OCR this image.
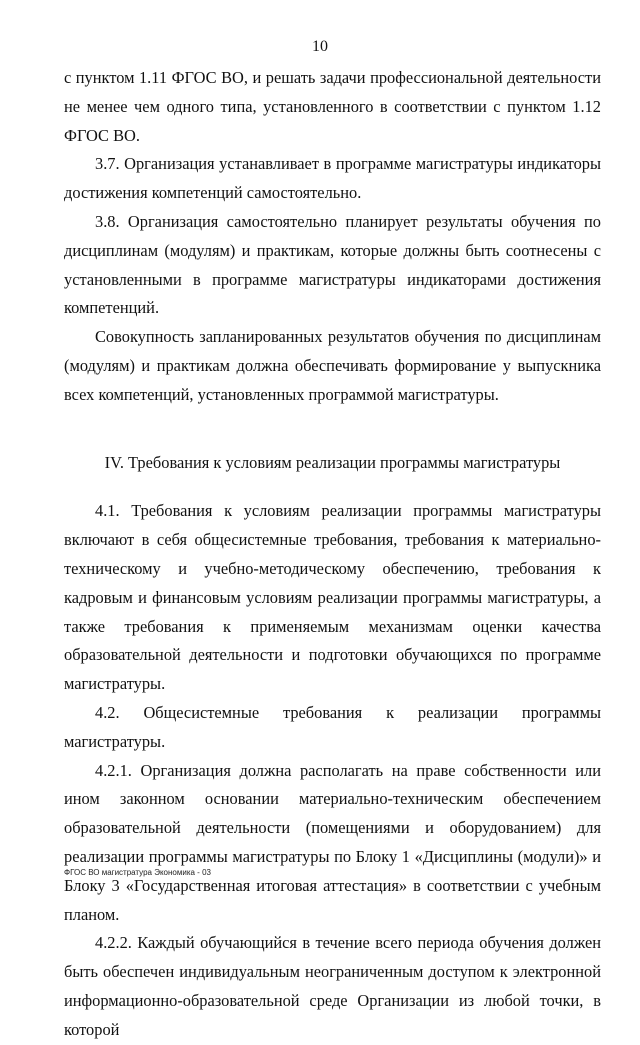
10

с пунктом 1.11 ФГОС ВО, и решать задачи профессиональной деятельности не менее чем одного типа, установленного в соответствии с пунктом 1.12 ФГОС ВО.

3.7. Организация устанавливает в программе магистратуры индикаторы достижения компетенций самостоятельно.

3.8. Организация самостоятельно планирует результаты обучения по дисциплинам (модулям) и практикам, которые должны быть соотнесены с установленными в программе магистратуры индикаторами достижения компетенций.

Совокупность запланированных результатов обучения по дисциплинам (модулям) и практикам должна обеспечивать формирование у выпускника всех компетенций, установленных программой магистратуры.

IV. Требования к условиям реализации программы магистратуры

4.1. Требования к условиям реализации программы магистратуры включают в себя общесистемные требования, требования к материально-техническому и учебно-методическому обеспечению, требования к кадровым и финансовым условиям реализации программы магистратуры, а также требования к применяемым механизмам оценки качества образовательной деятельности и подготовки обучающихся по программе магистратуры.

4.2. Общесистемные требования к реализации программы магистратуры.

4.2.1. Организация должна располагать на праве собственности или ином законном основании материально-техническим обеспечением образовательной деятельности (помещениями и оборудованием) для реализации программы магистратуры по Блоку 1 «Дисциплины (модули)» и Блоку 3 «Государственная итоговая аттестация» в соответствии с учебным планом.

4.2.2. Каждый обучающийся в течение всего периода обучения должен быть обеспечен индивидуальным неограниченным доступом к электронной информационно-образовательной среде Организации из любой точки, в которой

ФГОС ВО магистратура Экономика - 03
